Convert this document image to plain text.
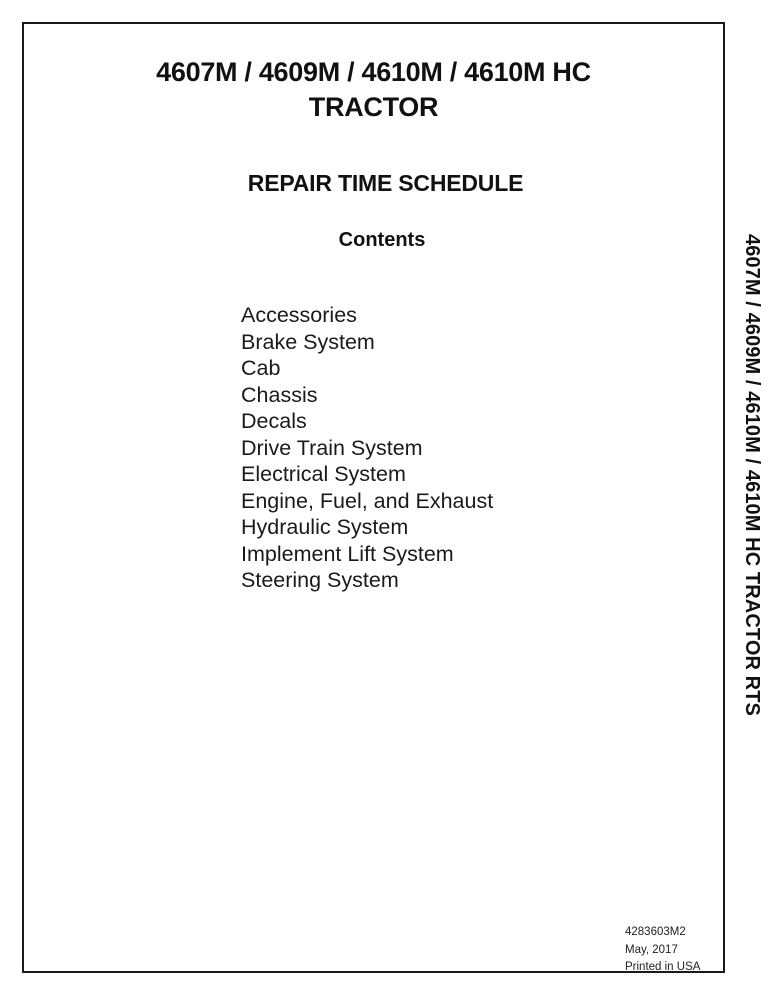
4607M / 4609M / 4610M / 4610M HC
TRACTOR
REPAIR TIME SCHEDULE
Contents
Accessories
Brake System
Cab
Chassis
Decals
Drive Train System
Electrical System
Engine, Fuel, and Exhaust
Hydraulic System
Implement Lift System
Steering System	4607M / 4609M / 4610M / 4610M HC TRACTOR RTS
4283603M2
May, 2017
Printed in USA
